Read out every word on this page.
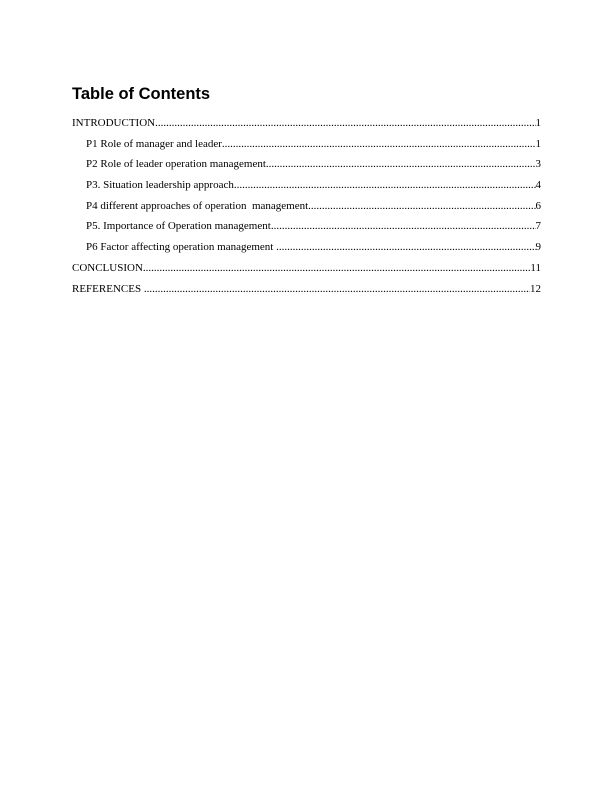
Table of Contents
INTRODUCTION .....	1
P1 Role of manager and leader .....	1
P2 Role of leader operation management .....	3
P3. Situation leadership approach .....	4
P4 different approaches of operation  management .....	6
P5. Importance of Operation management .....	7
P6 Factor affecting operation management .....	9
CONCLUSION .....	11
REFERENCES .....	12
